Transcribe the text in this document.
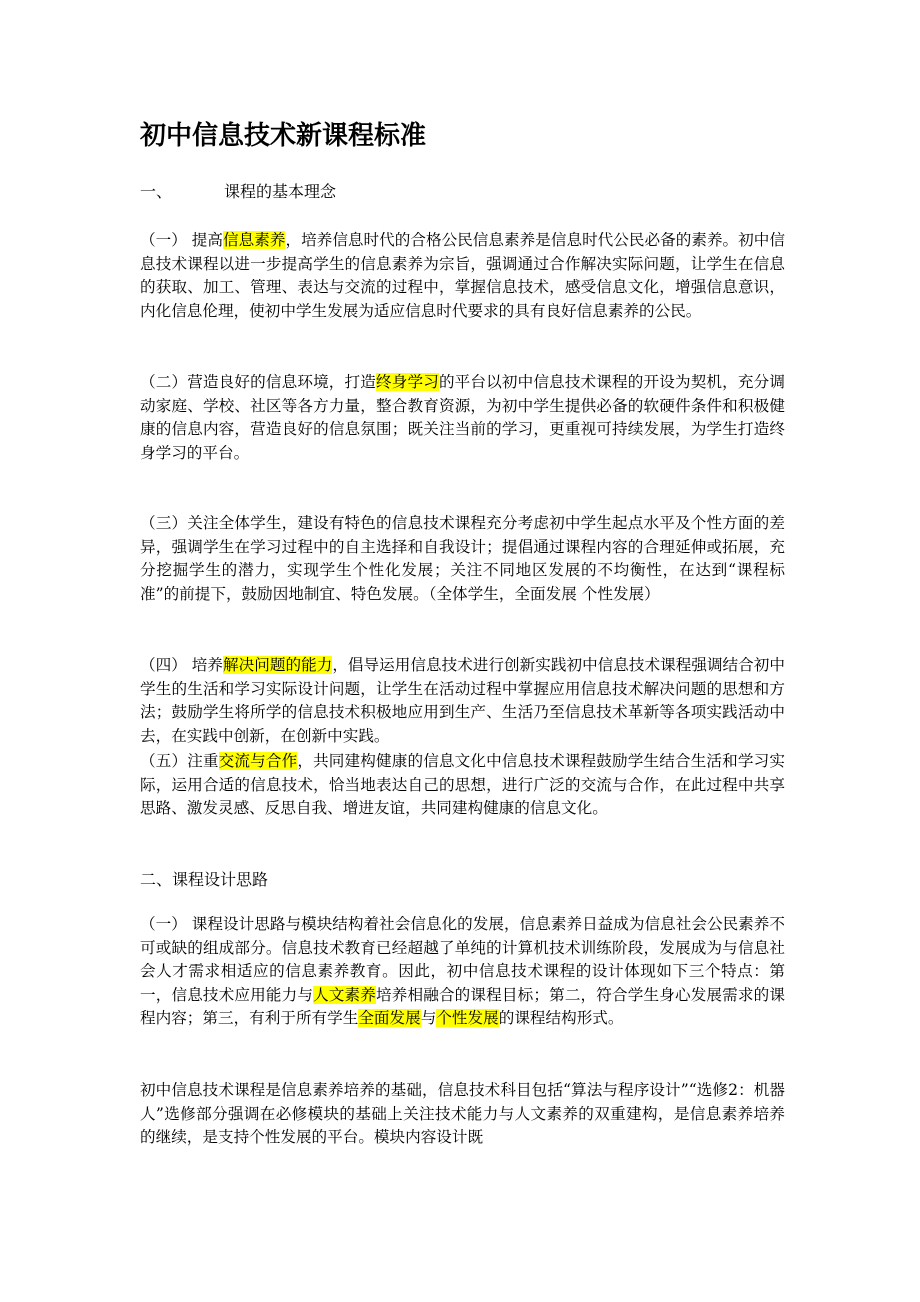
初中信息技术新课程标准
一、	课程的基本理念

（一） 提高信息素养，培养信息时代的合格公民信息素养是信息时代公民必备的素养。初中信息技术课程以进一步提高学生的信息素养为宗旨，强调通过合作解决实际问题，让学生在信息的获取、加工、管理、表达与交流的过程中，掌握信息技术，感受信息文化，增强信息意识，内化信息伦理，使初中学生发展为适应信息时代要求的具有良好信息素养的公民。

（二）营造良好的信息环境，打造终身学习的平台以初中信息技术课程的开设为契机，充分调动家庭、学校、社区等各方力量，整合教育资源，为初中学生提供必备的软硬件条件和积极健康的信息内容，营造良好的信息氛围；既关注当前的学习，更重视可持续发展，为学生打造终身学习的平台。

（三）关注全体学生，建设有特色的信息技术课程充分考虑初中学生起点水平及个性方面的差异，强调学生在学习过程中的自主选择和自我设计；提倡通过课程内容的合理延伸或拓展，充分挖掘学生的潜力，实现学生个性化发展；关注不同地区发展的不均衡性，在达到“课程标准”的前提下，鼓励因地制宜、特色发展。（全体学生，全面发展 个性发展）

（四） 培养解决问题的能力，倡导运用信息技术进行创新实践初中信息技术课程强调结合初中学生的生活和学习实际设计问题，让学生在活动过程中掌握应用信息技术解决问题的思想和方法；鼓励学生将所学的信息技术积极地应用到生产、生活乃至信息技术革新等各项实践活动中去，在实践中创新，在创新中实践。

（五）注重交流与合作，共同建构健康的信息文化中信息技术课程鼓励学生结合生活和学习实际，运用合适的信息技术，恰当地表达自己的思想，进行广泛的交流与合作，在此过程中共享思路、激发灵感、反思自我、增进友谊，共同建构健康的信息文化。

二、课程设计思路

（一） 课程设计思路与模块结构着社会信息化的发展，信息素养日益成为信息社会公民素养不可或缺的组成部分。信息技术教育已经超越了单纯的计算机技术训练阶段，发展成为与信息社会人才需求相适应的信息素养教育。因此，初中信息技术课程的设计体现如下三个特点：第一，信息技术应用能力与人文素养培养相融合的课程目标；第二，符合学生身心发展需求的课程内容；第三，有利于所有学生全面发展与个性发展的课程结构形式。

初中信息技术课程是信息素养培养的基础，信息技术科目包括“算法与程序设计”“选修2：机器人”选修部分强调在必修模块的基础上关注技术能力与人文素养的双重建构，是信息素养培养的继续，是支持个性发展的平台。模块内容设计既
